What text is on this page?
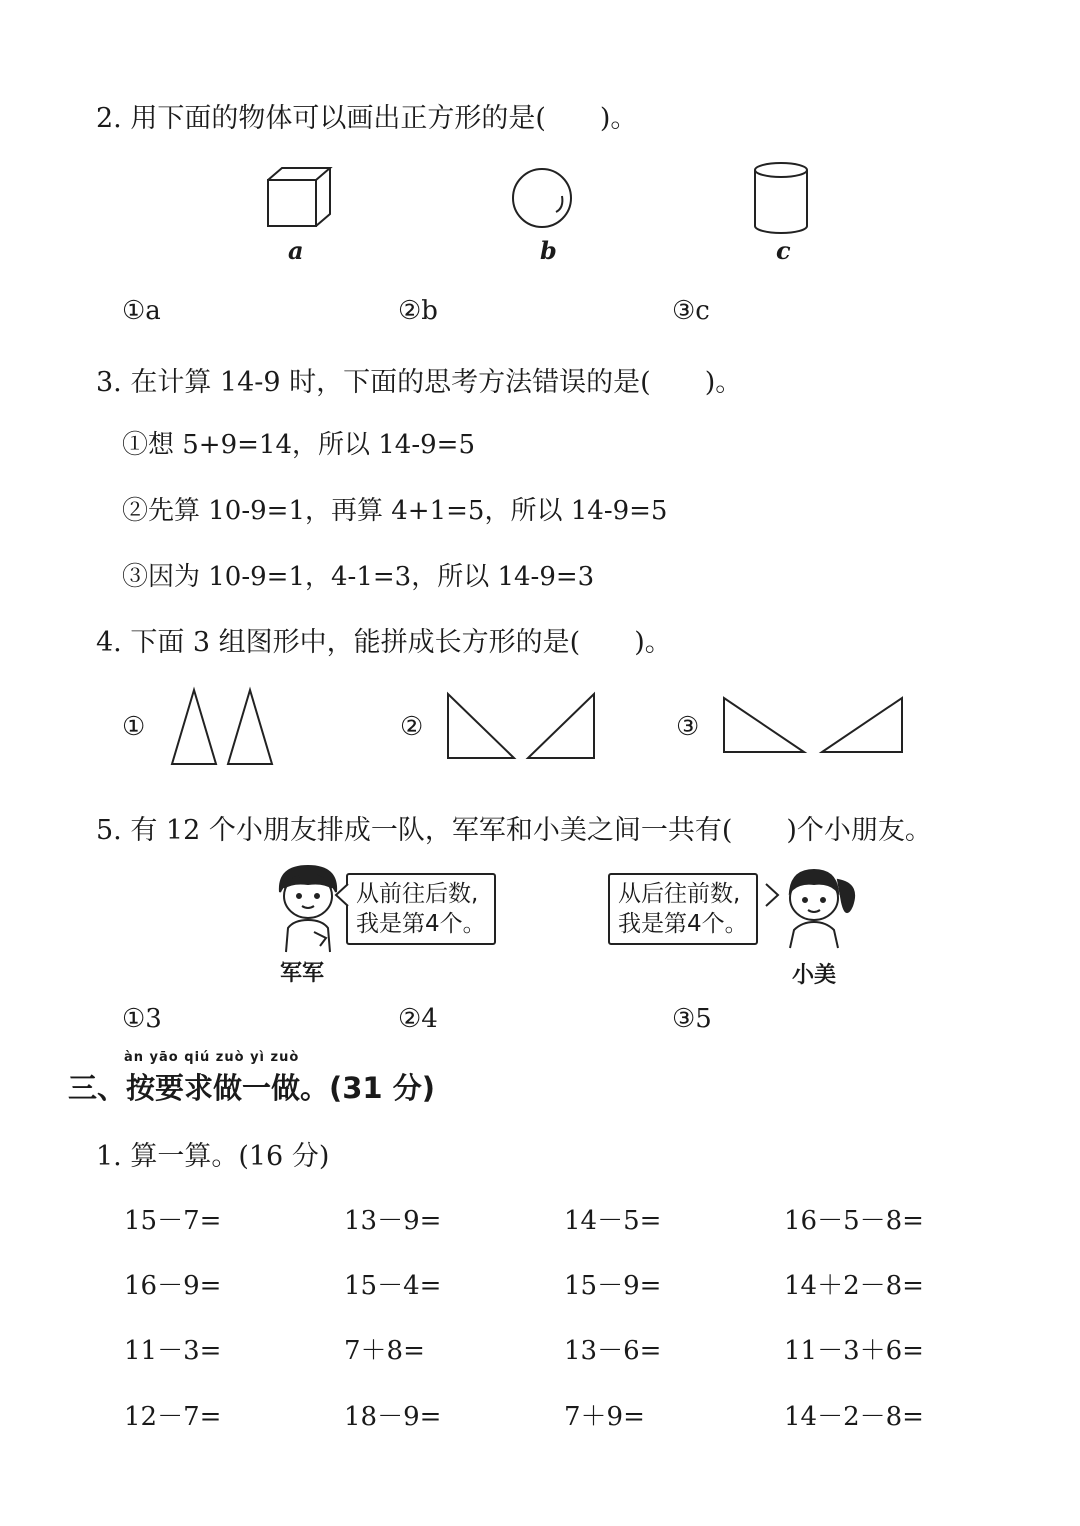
2. 用下面的物体可以画出正方形的是(　　)。
a	b	c
①a	②b	③c
3. 在计算 14-9 时，下面的思考方法错误的是(　　)。
①想 5+9=14，所以 14-9=5
②先算 10-9=1，再算 4+1=5，所以 14-9=5
③因为 10-9=1，4-1=3，所以 14-9=3
4. 下面 3 组图形中，能拼成长方形的是(　　)。
①	②	③
5. 有 12 个小朋友排成一队，军军和小美之间一共有(　　)个小朋友。
军军
从前往后数,
我是第4个。
从后往前数,
我是第4个。
小美
①3	②4	③5
àn yāo qiú zuò yì zuò
三、按要求做一做。(31 分)
1. 算一算。(16 分)
15－7=	13－9=	14－5=	16－5－8=
16－9=	15－4=	15－9=	14＋2－8=
11－3=	7＋8=	13－6=	11－3＋6=
12－7=	18－9=	7＋9=	14－2－8=
